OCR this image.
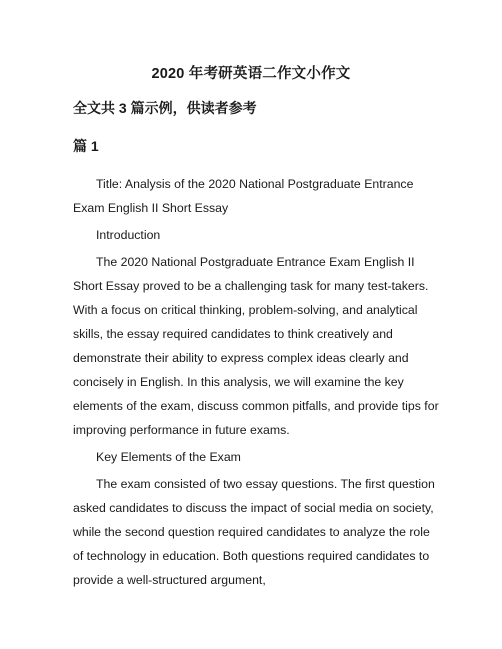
2020 年考研英语二作文小作文
全文共 3 篇示例，供读者参考
篇 1

Title: Analysis of the 2020 National Postgraduate Entrance Exam English II Short Essay

Introduction

The 2020 National Postgraduate Entrance Exam English II Short Essay proved to be a challenging task for many test-takers. With a focus on critical thinking, problem-solving, and analytical skills, the essay required candidates to think creatively and demonstrate their ability to express complex ideas clearly and concisely in English. In this analysis, we will examine the key elements of the exam, discuss common pitfalls, and provide tips for improving performance in future exams.

Key Elements of the Exam

The exam consisted of two essay questions. The first question asked candidates to discuss the impact of social media on society, while the second question required candidates to analyze the role of technology in education. Both questions required candidates to provide a well-structured argument,
